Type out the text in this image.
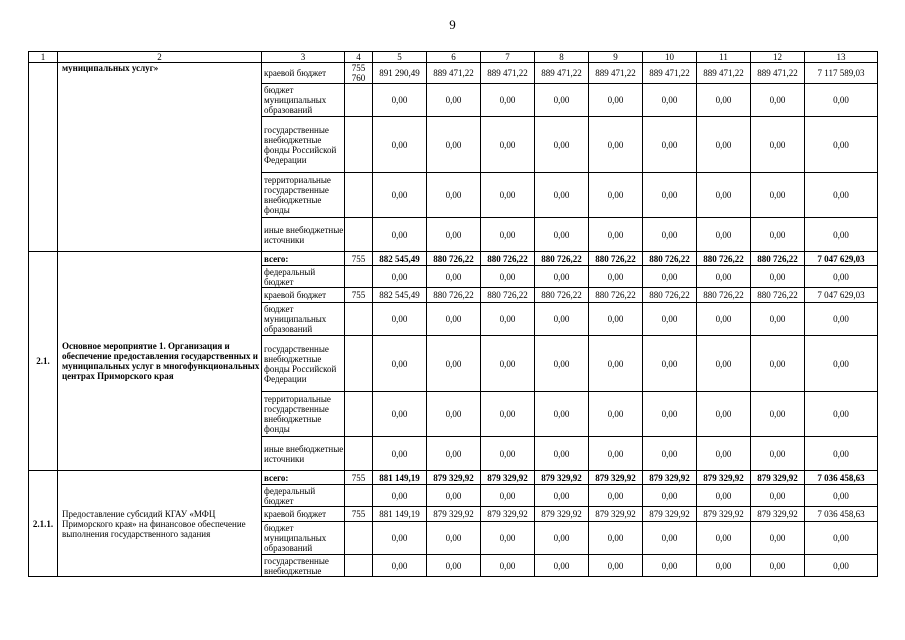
9
1	2	3	4	5	6	7	8	9	10	11	12	13
	муниципальных услуг»	краевой бюджет	755 760	891 290,49	889 471,22	889 471,22	889 471,22	889 471,22	889 471,22	889 471,22	889 471,22	7 117 589,03
		бюджет муниципальных образований		0,00	0,00	0,00	0,00	0,00	0,00	0,00	0,00	0,00
		государственные внебюджетные фонды Российской Федерации		0,00	0,00	0,00	0,00	0,00	0,00	0,00	0,00	0,00
		территориальные государственные внебюджетные фонды		0,00	0,00	0,00	0,00	0,00	0,00	0,00	0,00	0,00
		иные внебюджетные источники		0,00	0,00	0,00	0,00	0,00	0,00	0,00	0,00	0,00
2.1.	Основное мероприятие 1. Организация и обеспечение предоставления государственных и муниципальных услуг в многофункциональных центрах Приморского края	всего:	755	882 545,49	880 726,22	880 726,22	880 726,22	880 726,22	880 726,22	880 726,22	880 726,22	7 047 629,03
		федеральный бюджет		0,00	0,00	0,00	0,00	0,00	0,00	0,00	0,00	0,00
		краевой бюджет	755	882 545,49	880 726,22	880 726,22	880 726,22	880 726,22	880 726,22	880 726,22	880 726,22	7 047 629,03
		бюджет муниципальных образований		0,00	0,00	0,00	0,00	0,00	0,00	0,00	0,00	0,00
		государственные внебюджетные фонды Российской Федерации		0,00	0,00	0,00	0,00	0,00	0,00	0,00	0,00	0,00
		территориальные государственные внебюджетные фонды		0,00	0,00	0,00	0,00	0,00	0,00	0,00	0,00	0,00
		иные внебюджетные источники		0,00	0,00	0,00	0,00	0,00	0,00	0,00	0,00	0,00
2.1.1.	Предоставление субсидий КГАУ «МФЦ Приморского края» на финансовое обеспечение выполнения государственного задания	всего:	755	881 149,19	879 329,92	879 329,92	879 329,92	879 329,92	879 329,92	879 329,92	879 329,92	7 036 458,63
		федеральный бюджет		0,00	0,00	0,00	0,00	0,00	0,00	0,00	0,00	0,00
		краевой бюджет	755	881 149,19	879 329,92	879 329,92	879 329,92	879 329,92	879 329,92	879 329,92	879 329,92	7 036 458,63
		бюджет муниципальных образований		0,00	0,00	0,00	0,00	0,00	0,00	0,00	0,00	0,00
		государственные внебюджетные		0,00	0,00	0,00	0,00	0,00	0,00	0,00	0,00	0,00
